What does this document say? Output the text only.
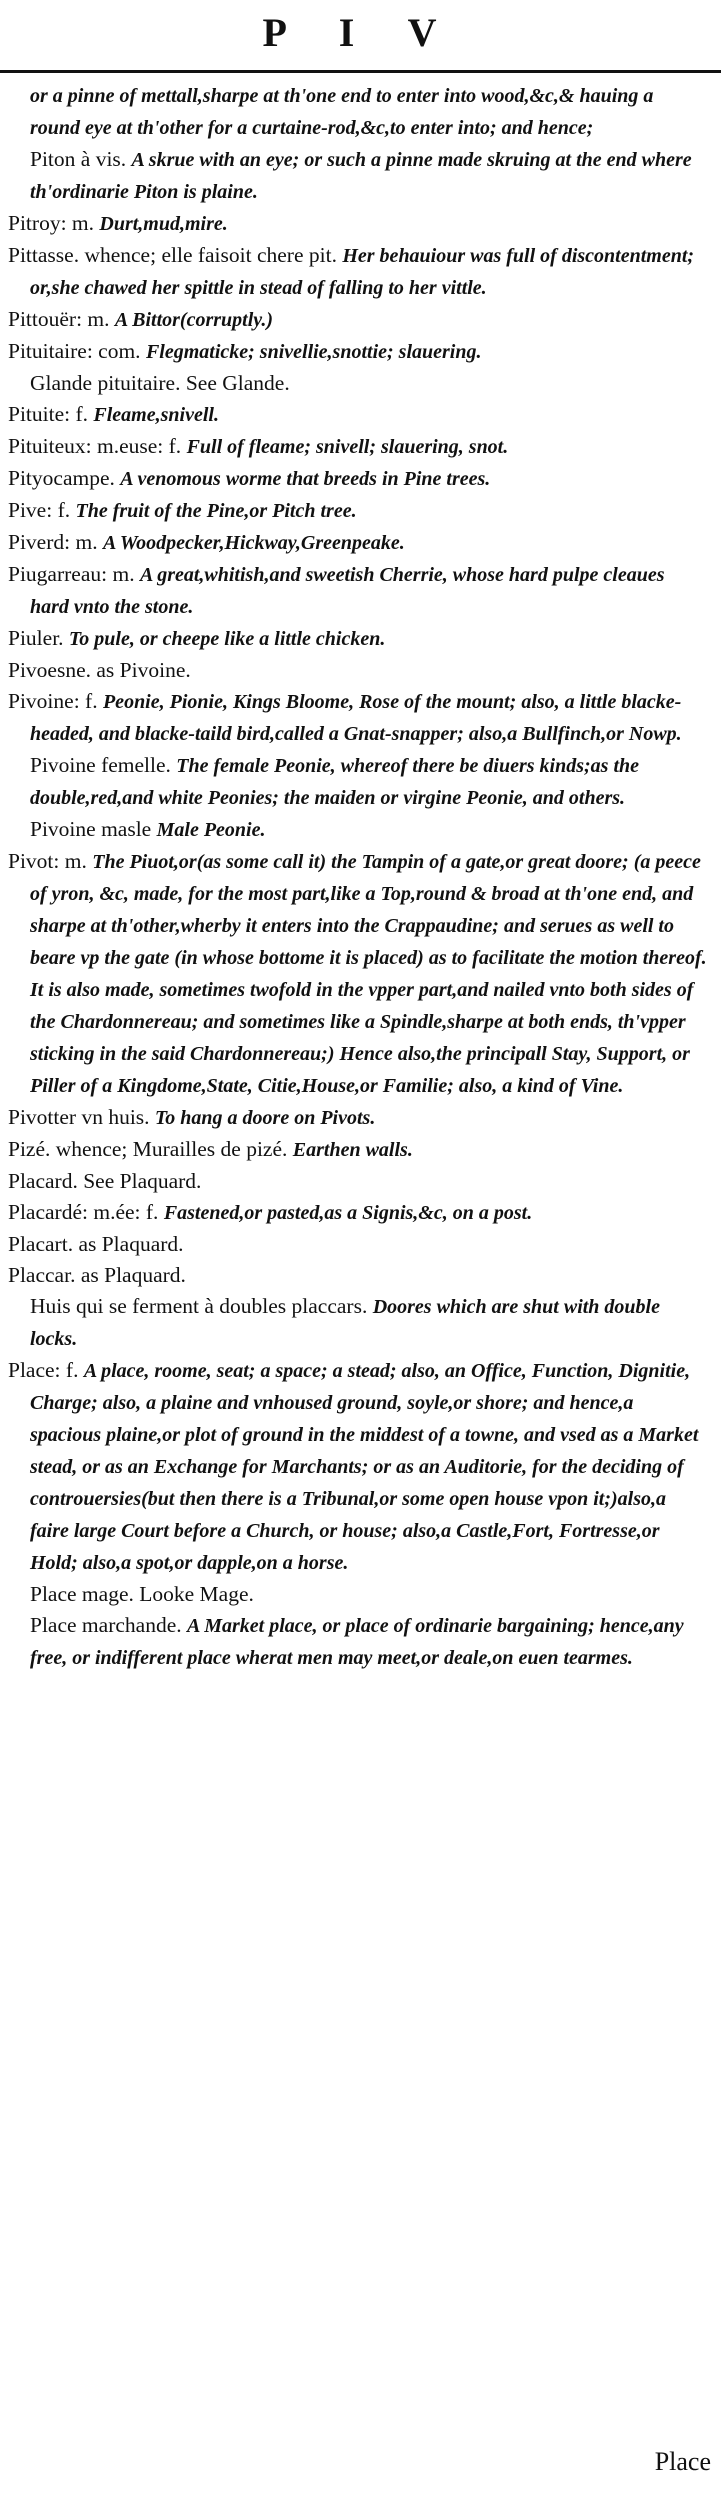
P I V

or a pinne of mettall,sharpe at th'one end to enter into wood,&c,& hauing a round eye at th'other for a curtaine-rod,&c,to enter into; and hence;

Piton à vis. A skrue with an eye; or such a pinne made skruing at the end where th'ordinarie Piton is plaine.

Pitroy: m. Durt,mud,mire.

Pittasse. whence; elle faisoit chere pit. Her behauiour was full of discontentment; or,she chawed her spittle in stead of falling to her vittle.

Pittouër: m. A Bittor(corruptly.)

Pituitaire: com. Flegmaticke; snivellie,snottie; slauering.

Glande pituitaire. See Glande.

Pituite: f. Fleame,snivell.

Pituiteux: m.euse: f. Full of fleame; snivell; slauering, snot.

Pityocampe. A venomous worme that breeds in Pine trees.

Pive: f. The fruit of the Pine,or Pitch tree.

Piverd: m. A Woodpecker,Hickway,Greenpeake.

Piugarreau: m. A great,whitish,and sweetish Cherrie, whose hard pulpe cleaues hard vnto the stone.

Piuler. To pule, or cheepe like a little chicken.

Pivoesne. as Pivoine.

Pivoine: f. Peonie, Pionie, Kings Bloome, Rose of the mount; also, a little blacke-headed, and blacke-taild bird,called a Gnat-snapper; also,a Bullfinch,or Nowp.

Pivoine femelle. The female Peonie, whereof there be diuers kinds;as the double,red,and white Peonies; the maiden or virgine Peonie, and others.

Pivoine masle Male Peonie.

Pivot: m. The Piuot,or(as some call it) the Tampin of a gate,or great doore; (a peece of yron, &c, made, for the most part,like a Top,round & broad at th'one end, and sharpe at th'other,wherby it enters into the Crappaudine; and serues as well to beare vp the gate (in whose bottome it is placed) as to facilitate the motion thereof. It is also made, sometimes twofold in the vpper part,and nailed vnto both sides of the Chardonnereau; and sometimes like a Spindle,sharpe at both ends, th'vpper sticking in the said Chardonnereau;) Hence also,the principall Stay, Support, or Piller of a Kingdome,State, Citie,House,or Familie; also, a kind of Vine.

Pivotter vn huis. To hang a doore on Pivots.

Pizé. whence; Murailles de pizé. Earthen walls.

Placard. See Plaquard.

Placardé: m.ée: f. Fastened,or pasted,as a Signis,&c, on a post.

Placart. as Plaquard.

Placcar. as Plaquard.

Huis qui se ferment à doubles placcars. Doores which are shut with double locks.

Place: f. A place, roome, seat; a space; a stead; also, an Office, Function, Dignitie, Charge; also, a plaine and vnhoused ground, soyle,or shore; and hence,a spacious plaine,or plot of ground in the middest of a towne, and vsed as a Market stead, or as an Exchange for Marchants; or as an Auditorie, for the deciding of controuersies(but then there is a Tribunal,or some open house vpon it;)also,a faire large Court before a Church, or house; also,a Castle,Fort, Fortresse,or Hold; also,a spot,or dapple,on a horse.

Place mage. Looke Mage.

Place marchande. A Market place, or place of ordinarie bargaining; hence,any free, or indifferent place wherat men may meet,or deale,on euen tearmes.

Place
